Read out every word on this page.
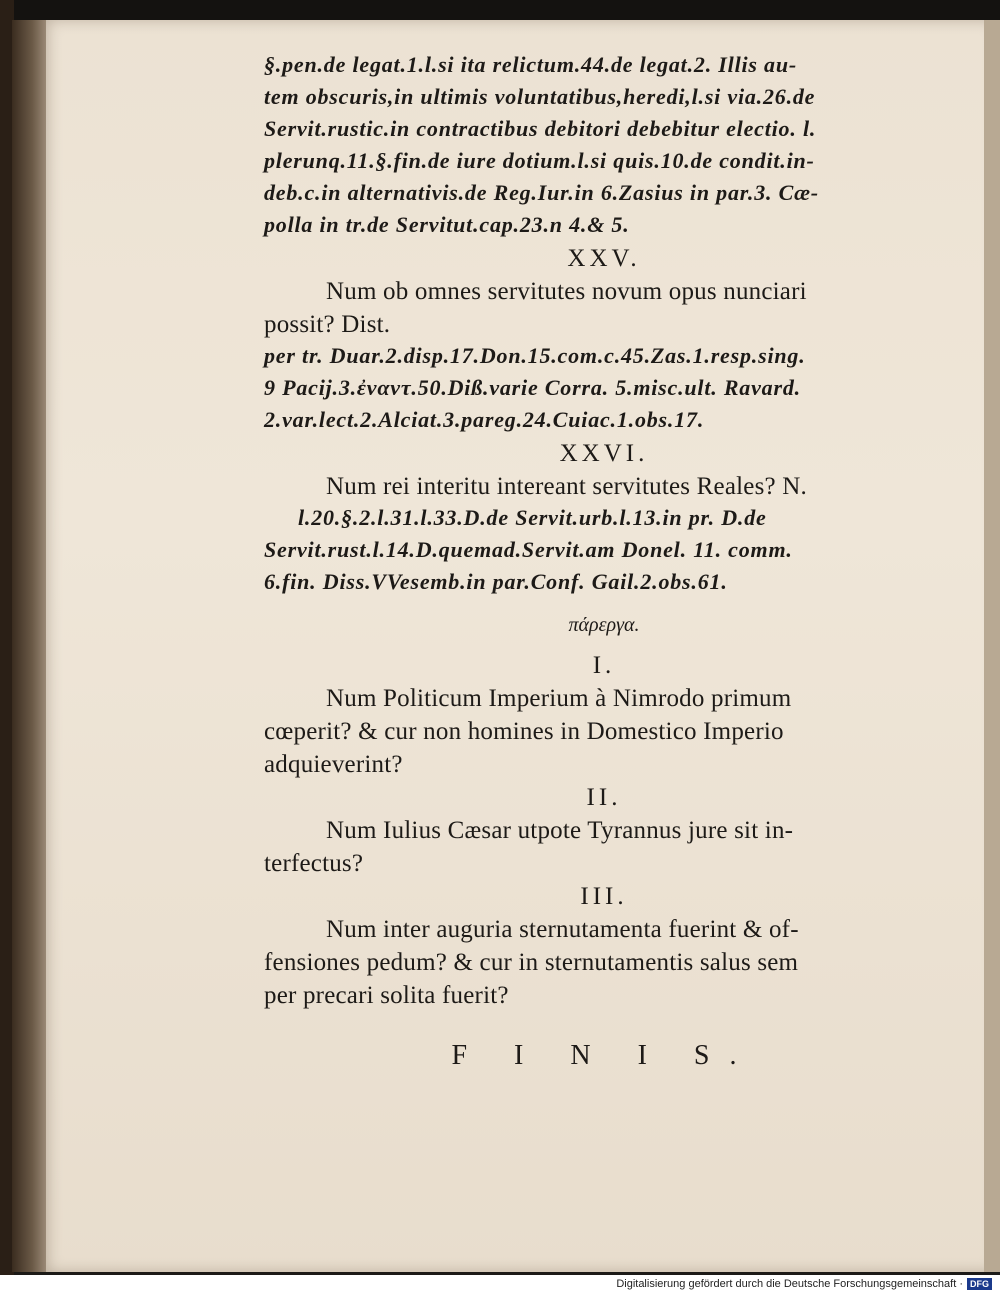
§.pen.de legat.1.l.si ita relictum.44.de legat.2. Illis au-
tem obscuris,in ultimis voluntatibus,heredi,l.si via.26.de
Servit.rustic.in contractibus debitori debebitur electio. l.
plerunq.11.§.fin.de iure dotium.l.si quis.10.de condit.in-
deb.c.in alternativis.de Reg.Iur.in 6.Zasius in par.3. Cæ-
polla in tr.de Servitut.cap.23.n 4.& 5.
XXV.
Num ob omnes servitutes novum opus nunciari
possit? Dist.
per tr. Duar.2.disp.17.Don.15.com.c.45.Zas.1.resp.sing.
9 Pacij.3.ἐναντ.50.Diß.varie Corra. 5.misc.ult. Ravard.
2.var.lect.2.Alciat.3.pareg.24.Cuiac.1.obs.17.
XXVI.
Num rei interitu intereant servitutes Reales? N.
l.20.§.2.l.31.l.33.D.de Servit.urb.l.13.in pr. D.de
Servit.rust.l.14.D.quemad.Servit.am Donel. 11. comm.
6.fin. Diss.VVesemb.in par.Conf. Gail.2.obs.61.
πάρεργα.
I.
Num Politicum Imperium à Nimrodo primum
cœperit? & cur non homines in Domestico Imperio
adquieverint?
II.
Num Iulius Cæsar utpote Tyrannus jure sit in-
terfectus?
III.
Num inter auguria sternutamenta fuerint & of-
fensiones pedum? & cur in sternutamentis salus sem
per precari solita fuerit?
F I N I S.
Digitalisierung gefördert durch die Deutsche Forschungsgemeinschaft · DFG
